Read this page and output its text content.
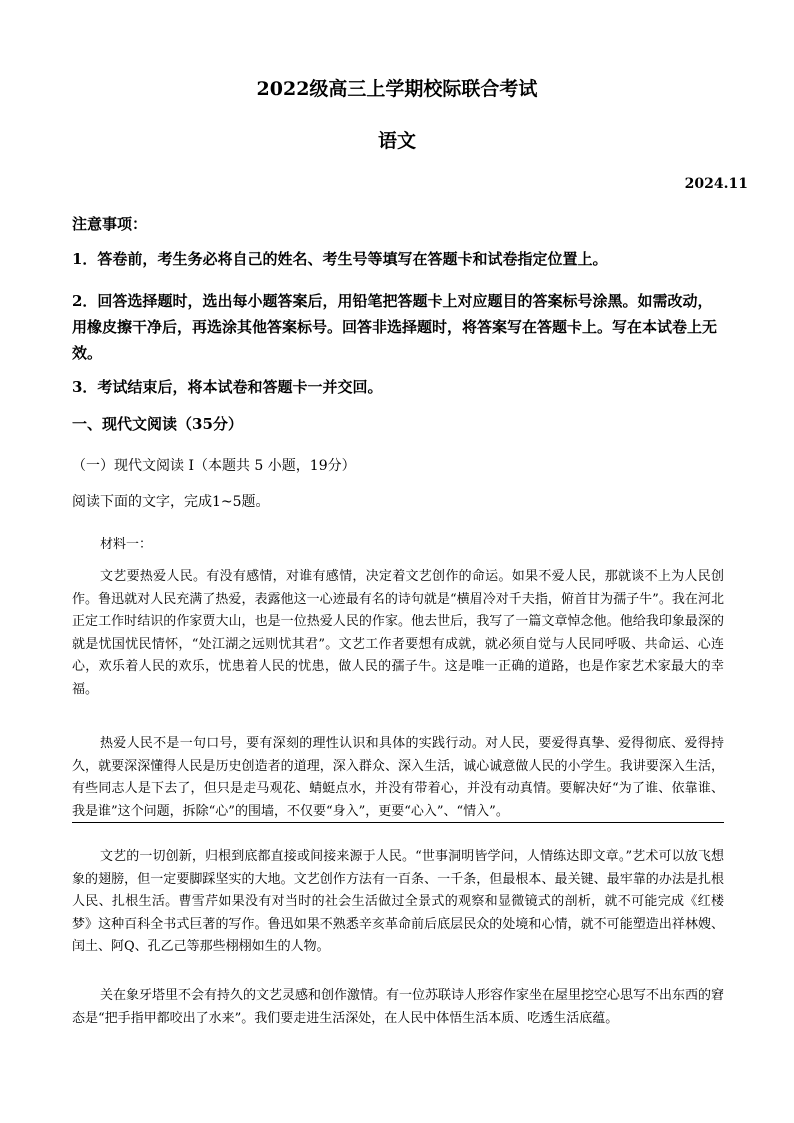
2022级高三上学期校际联合考试
语文
2024.11
注意事项：
1．答卷前，考生务必将自己的姓名、考生号等填写在答题卡和试卷指定位置上。
2．回答选择题时，选出每小题答案后，用铅笔把答题卡上对应题目的答案标号涂黑。如需改动，用橡皮擦干净后，再选涂其他答案标号。回答非选择题时，将答案写在答题卡上。写在本试卷上无效。
3．考试结束后，将本试卷和答题卡一并交回。
一、现代文阅读（35分）
（一）现代文阅读 I（本题共 5 小题，19分）
阅读下面的文字，完成1~5题。
材料一：
文艺要热爱人民。有没有感情，对谁有感情，决定着文艺创作的命运。如果不爱人民，那就谈不上为人民创作。鲁迅就对人民充满了热爱，表露他这一心迹最有名的诗句就是“横眉冷对千夫指，俯首甘为孺子牛”。我在河北正定工作时结识的作家贾大山，也是一位热爱人民的作家。他去世后，我写了一篇文章悼念他。他给我印象最深的就是忧国忧民情怀，“处江湖之远则忧其君”。文艺工作者要想有成就，就必须自觉与人民同呼吸、共命运、心连心，欢乐着人民的欢乐，忧患着人民的忧患，做人民的孺子牛。这是唯一正确的道路，也是作家艺术家最大的幸福。
热爱人民不是一句口号，要有深刻的理性认识和具体的实践行动。对人民，要爱得真挚、爱得彻底、爱得持久，就要深深懂得人民是历史创造者的道理，深入群众、深入生活，诚心诚意做人民的小学生。我讲要深入生活，有些同志人是下去了，但只是走马观花、蜻蜓点水，并没有带着心，并没有动真情。要解决好“为了谁、依靠谁、我是谁”这个问题，拆除“心”的围墙，不仅要“身入”，更要“心入”、“情入”。
文艺的一切创新，归根到底都直接或间接来源于人民。“世事洞明皆学问，人情练达即文章。”艺术可以放飞想象的翅膀，但一定要脚踩坚实的大地。文艺创作方法有一百条、一千条，但最根本、最关键、最牢靠的办法是扎根人民、扎根生活。曹雪芹如果没有对当时的社会生活做过全景式的观察和显微镜式的剖析，就不可能完成《红楼梦》这种百科全书式巨著的写作。鲁迅如果不熟悉辛亥革命前后底层民众的处境和心情，就不可能塑造出祥林嫂、闰土、阿Q、孔乙己等那些栩栩如生的人物。
关在象牙塔里不会有持久的文艺灵感和创作激情。有一位苏联诗人形容作家坐在屋里挖空心思写不出东西的窘态是“把手指甲都咬出了水来”。我们要走进生活深处，在人民中体悟生活本质、吃透生活底蕴。
